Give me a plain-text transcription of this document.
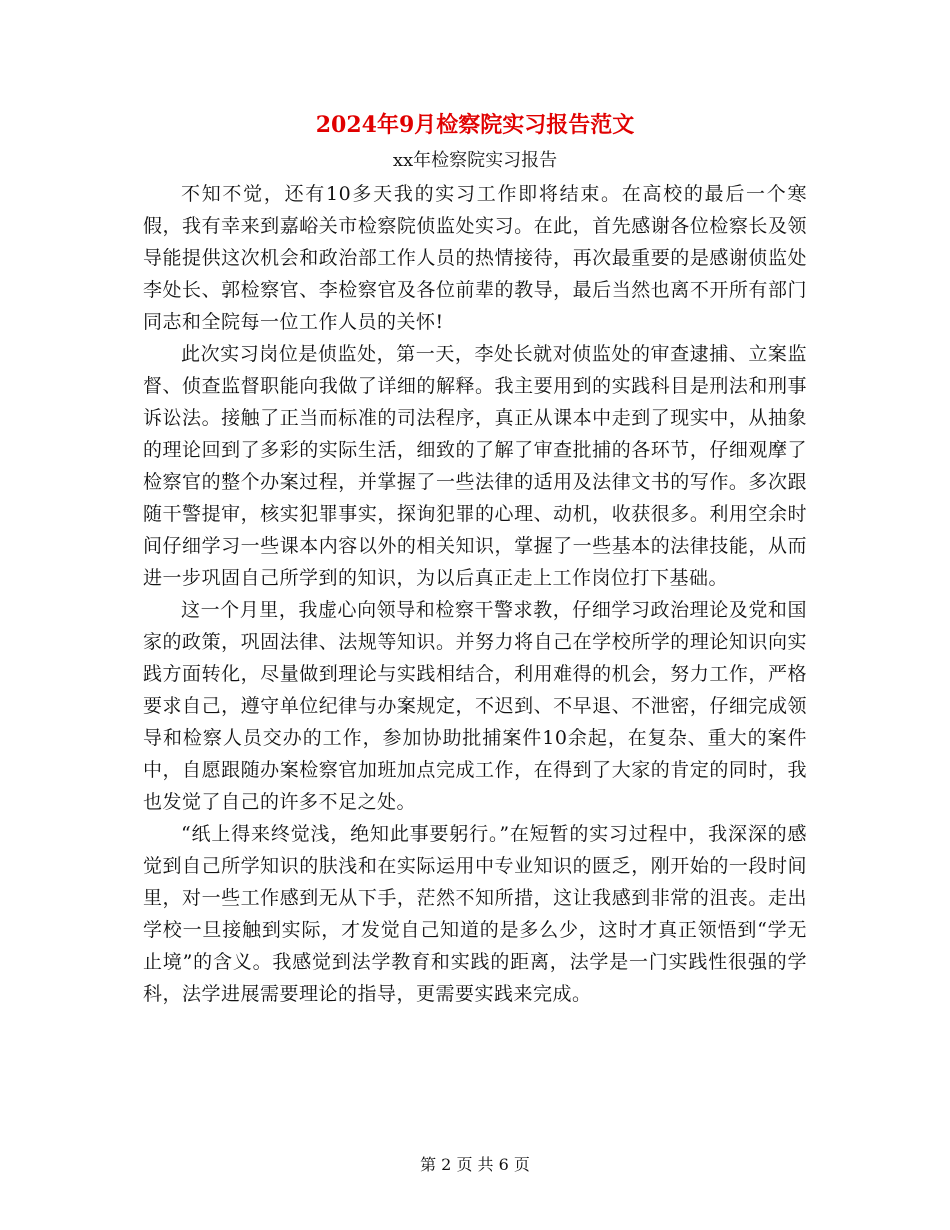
2024年9月检察院实习报告范文
xx年检察院实习报告

不知不觉，还有10多天我的实习工作即将结束。在高校的最后一个寒假，我有幸来到嘉峪关市检察院侦监处实习。在此，首先感谢各位检察长及领导能提供这次机会和政治部工作人员的热情接待，再次最重要的是感谢侦监处李处长、郭检察官、李检察官及各位前辈的教导，最后当然也离不开所有部门同志和全院每一位工作人员的关怀!

此次实习岗位是侦监处，第一天，李处长就对侦监处的审查逮捕、立案监督、侦查监督职能向我做了详细的解释。我主要用到的实践科目是刑法和刑事诉讼法。接触了正当而标准的司法程序，真正从课本中走到了现实中，从抽象的理论回到了多彩的实际生活，细致的了解了审查批捕的各环节，仔细观摩了检察官的整个办案过程，并掌握了一些法律的适用及法律文书的写作。多次跟随干警提审，核实犯罪事实，探询犯罪的心理、动机，收获很多。利用空余时间仔细学习一些课本内容以外的相关知识，掌握了一些基本的法律技能，从而进一步巩固自己所学到的知识，为以后真正走上工作岗位打下基础。

这一个月里，我虚心向领导和检察干警求教，仔细学习政治理论及党和国家的政策，巩固法律、法规等知识。并努力将自己在学校所学的理论知识向实践方面转化，尽量做到理论与实践相结合，利用难得的机会，努力工作，严格要求自己，遵守单位纪律与办案规定，不迟到、不早退、不泄密，仔细完成领导和检察人员交办的工作，参加协助批捕案件10余起，在复杂、重大的案件中，自愿跟随办案检察官加班加点完成工作，在得到了大家的肯定的同时，我也发觉了自己的许多不足之处。

“纸上得来终觉浅，绝知此事要躬行。”在短暂的实习过程中，我深深的感觉到自己所学知识的肤浅和在实际运用中专业知识的匮乏，刚开始的一段时间里，对一些工作感到无从下手，茫然不知所措，这让我感到非常的沮丧。走出学校一旦接触到实际，才发觉自己知道的是多么少，这时才真正领悟到“学无止境”的含义。我感觉到法学教育和实践的距离，法学是一门实践性很强的学科，法学进展需要理论的指导，更需要实践来完成。

第 2 页 共 6 页
